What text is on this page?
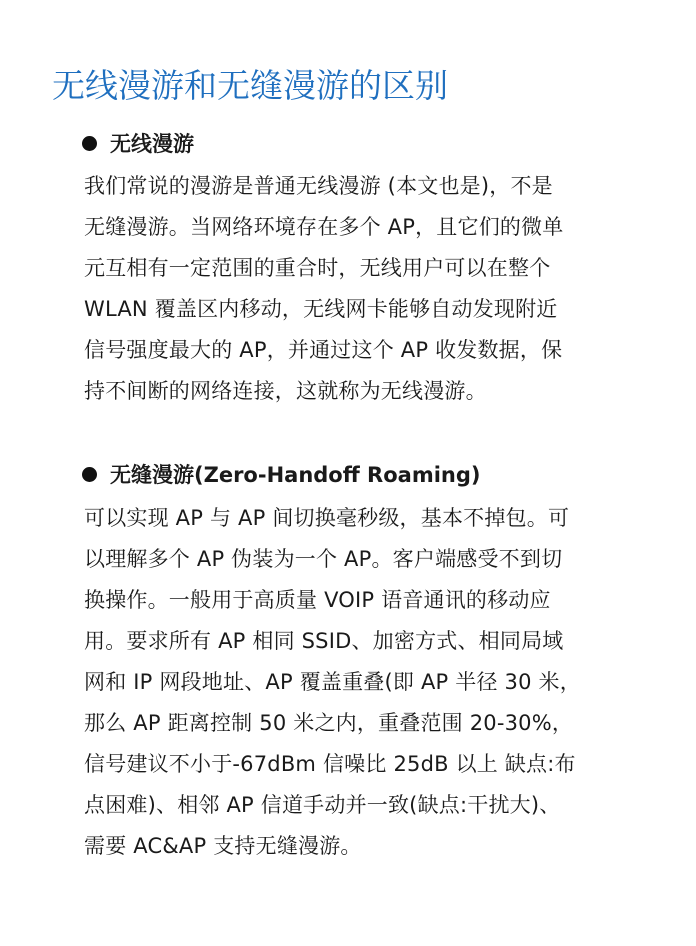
无线漫游和无缝漫游的区别
无线漫游
我们常说的漫游是普通无线漫游 (本文也是)，不是
无缝漫游。当网络环境存在多个 AP，且它们的微单
元互相有一定范围的重合时，无线用户可以在整个
WLAN 覆盖区内移动，无线网卡能够自动发现附近
信号强度最大的 AP，并通过这个 AP 收发数据，保
持不间断的网络连接，这就称为无线漫游。
无缝漫游(Zero-Handoff Roaming)
可以实现 AP 与 AP 间切换毫秒级，基本不掉包。可
以理解多个 AP 伪装为一个 AP。客户端感受不到切
换操作。一般用于高质量 VOIP 语音通讯的移动应
用。要求所有 AP 相同 SSID、加密方式、相同局域
网和 IP 网段地址、AP 覆盖重叠(即 AP 半径 30 米，
那么 AP 距离控制 50 米之内，重叠范围 20-30%，
信号建议不小于-67dBm 信噪比 25dB 以上 缺点:布
点困难)、相邻 AP 信道手动并一致(缺点:干扰大)、
需要 AC&AP 支持无缝漫游。
